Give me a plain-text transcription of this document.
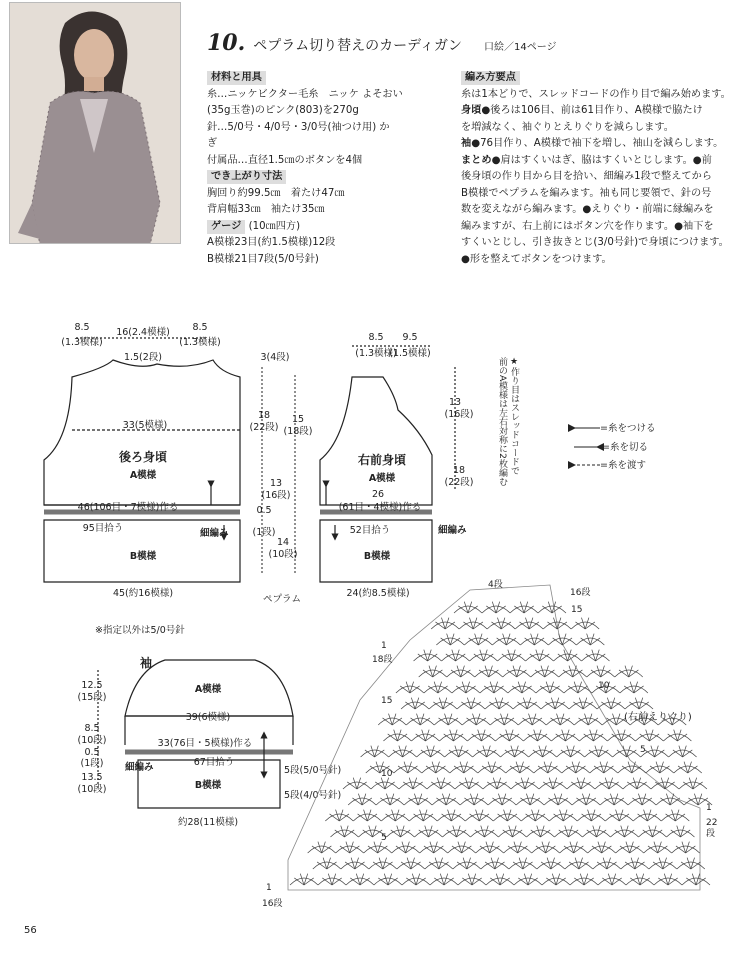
10. ペプラム切り替えのカーディガン 口絵／14ページ
材料と用具
糸…ニッケビクター毛糸　ニッケ よそおい
(35g玉巻)のピンク(803)を270g
針…5/0号・4/0号・3/0号(袖つけ用) か
ぎ
付属品…直径1.5㎝のボタンを4個
でき上がり寸法
胸回り約99.5㎝　着たけ47㎝
背肩幅33㎝　袖たけ35㎝
ゲージ (10㎝四方)
A模様23目(約1.5模様)12段
B模様21目7段(5/0号針)
編み方要点
糸は1本どりで、スレッドコードの作り目で編み始めます。
身頃●後ろは106目、前は61目作り、A模様で脇たけ
を増減なく、袖ぐりとえりぐりを減らします。
袖●76目作り、A模様で袖下を増し、袖山を減らします。
まとめ●肩はすくいはぎ、脇はすくいとじします。●前
後身頃の作り目から目を拾い、細編み1段で整えてから
B模様でペプラムを編みます。袖も同じ要領で、針の号
数を変えながら編みます。●えりぐり・前端に縁編みを
編みますが、右上前にはボタン穴を作ります。●袖下を
すくいとじし、引き抜きとじ(3/0号針)で身頃につけます。
●形を整えてボタンをつけます。
8.5
(1.3模様)
16(2.4模様) 8.5
(1.3模様)
1.5(2段)
33(5模様)
後ろ身頃
A模様
46(106目・7模様)作る
95目拾う
B模様
45(約16模様)
細編み
3(4段)
18
(22段)
15
(18段)
13
(16段)
0.5
(1段)
14
(10段)
8.5
(1.3模様)
9.5
(1.5模様)
右前身頃
A模様
26
(61目・4模様)作る
52目拾う
B模様
24(約8.5模様)
13
(16段)
18
(22段)
細編み
ペプラム
※指定以外は5/0号針
★作り目はスレッドコードで
前のA模様は左右対称に2枚編む	=糸をつける
=糸を切る
=糸を渡す
袖
A模様
39(6模様)
33(76目・5模様)作る
67目拾う
B模様
約28(11模様)
5段(5/0号針)
5段(4/0号針)
12.5
(15段)
8.5
(10段)
0.5
(1段)
13.5
(10段)
細編み
4段
16段
15
1
18段
15
10
5
10
5
1
22
段
1
16段
(右前えりぐり)
56
